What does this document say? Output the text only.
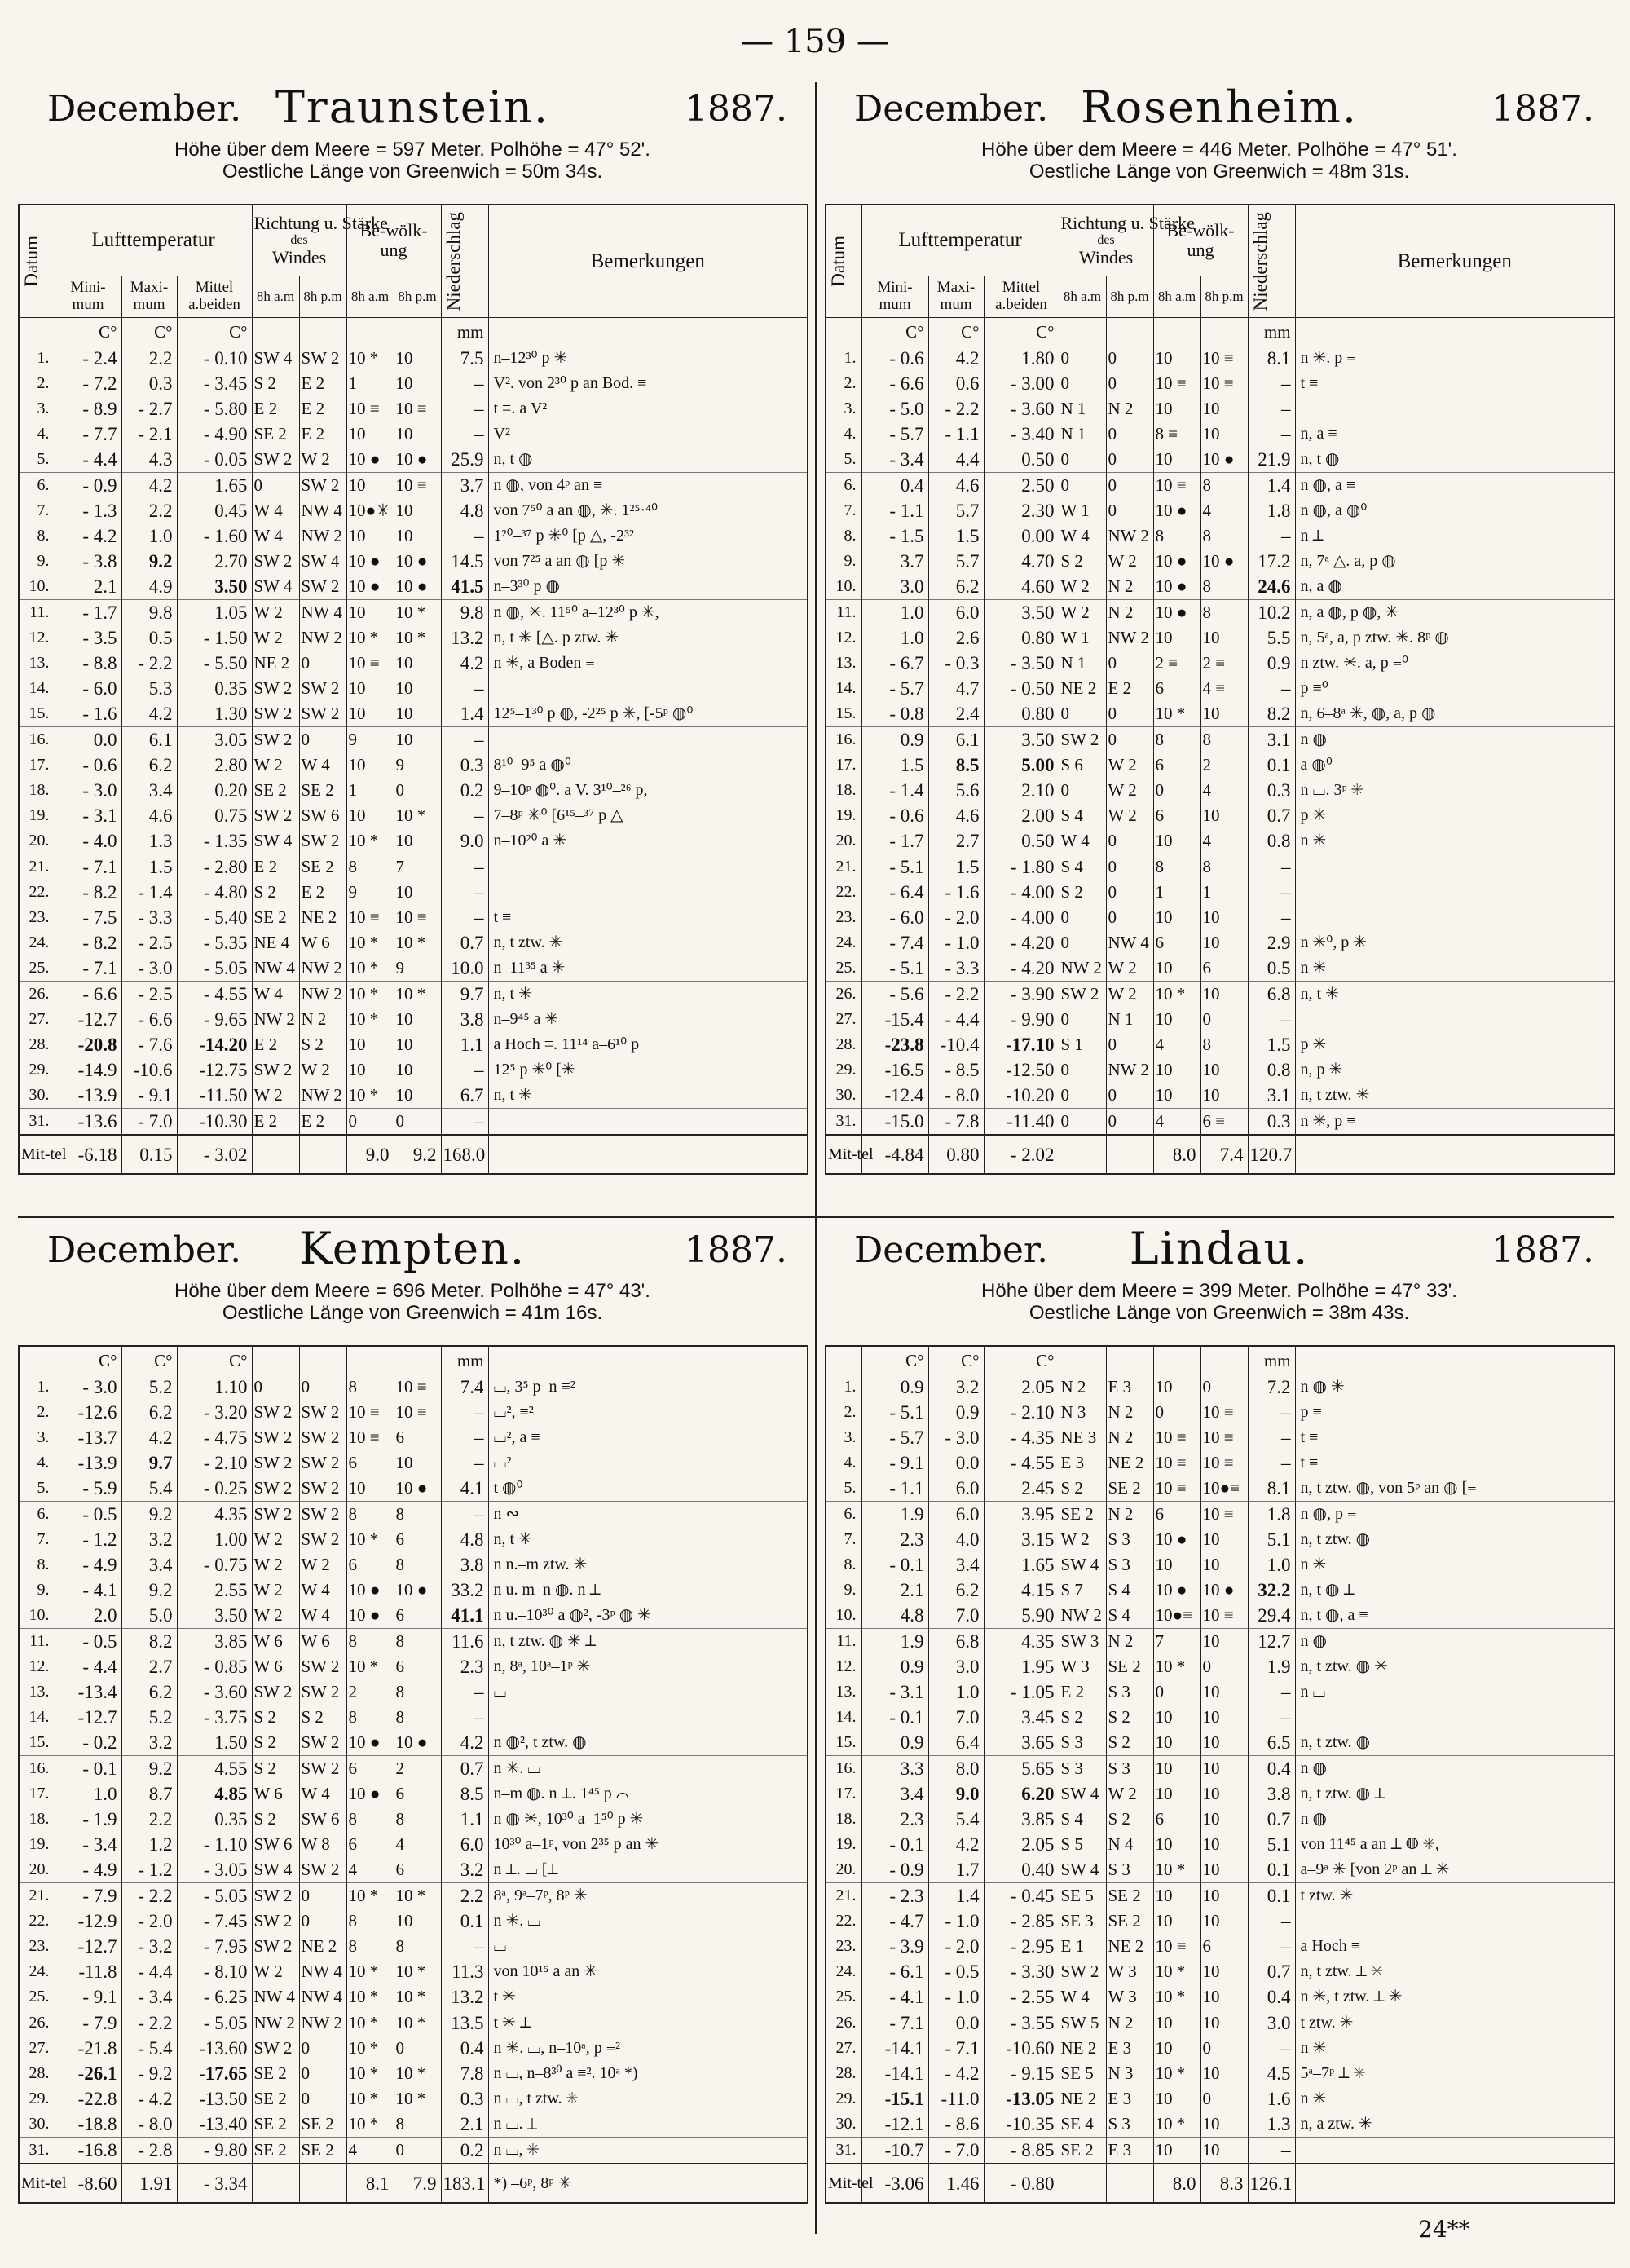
— 159 —
December. Traunstein.	1887.
Höhe über dem Meere = 597 Meter. Polhöhe = 47° 52'.
Oestliche Länge von Greenwich = 50m 34s.
Datum	Lufttemperatur			Richtung u. Stärke
des
Windes		Be-wölk-ung		Niederschlag	Bemerkungen
	Mini-mum	Maxi-mum	Mittel a.beiden	8h a.m	8h p.m	8h a.m	8h p.m		
	C°	C°	C°					mm	
1.	- 2.4	2.2	- 0.10	SW 4	SW 2	10 *	10	7.5	n–12³⁰ p ✳
2.	- 7.2	0.3	- 3.45	S 2	E 2	1	10	–	V². von 2³⁰ p an Bod. ≡
3.	- 8.9	- 2.7	- 5.80	E 2	E 2	10 ≡	10 ≡	–	t ≡. a V²
4.	- 7.7	- 2.1	- 4.90	SE 2	E 2	10	10	–	V²
5.	- 4.4	4.3	- 0.05	SW 2	W 2	10 ●	10 ●	25.9	n, t ◍
6.	- 0.9	4.2	1.65	0	SW 2	10	10 ≡	3.7	n ◍, von 4ᵖ an ≡
7.	- 1.3	2.2	0.45	W 4	NW 4	10●✳	10	4.8	von 7⁵⁰ a an ◍, ✳. 1²⁵·⁴⁰
8.	- 4.2	1.0	- 1.60	W 4	NW 2	10	10	–	1²⁰–³⁷ p ✳⁰ [p △, -2³²
9.	- 3.8	9.2	2.70	SW 2	SW 4	10 ●	10 ●	14.5	von 7²⁵ a an ◍ [p ✳
10.	2.1	4.9	3.50	SW 4	SW 2	10 ●	10 ●	41.5	n–3³⁰ p ◍
11.	- 1.7	9.8	1.05	W 2	NW 4	10	10 *	9.8	n ◍, ✳. 11⁵⁰ a–12³⁰ p ✳,
12.	- 3.5	0.5	- 1.50	W 2	NW 2	10 *	10 *	13.2	n, t ✳ [△. p ztw. ✳
13.	- 8.8	- 2.2	- 5.50	NE 2	0	10 ≡	10	4.2	n ✳, a Boden ≡
14.	- 6.0	5.3	0.35	SW 2	SW 2	10	10	–	
15.	- 1.6	4.2	1.30	SW 2	SW 2	10	10	1.4	12⁵–1³⁰ p ◍, -2²⁵ p ✳, [-5ᵖ ◍⁰
16.	0.0	6.1	3.05	SW 2	0	9	10	–	
17.	- 0.6	6.2	2.80	W 2	W 4	10	9	0.3	8¹⁰–9⁵ a ◍⁰
18.	- 3.0	3.4	0.20	SE 2	SE 2	1	0	0.2	9–10ᵖ ◍⁰. a V. 3¹⁰–²⁶ p,
19.	- 3.1	4.6	0.75	SW 2	SW 6	10	10 *	–	7–8ᵖ ✳⁰ [6¹⁵–³⁷ p △
20.	- 4.0	1.3	- 1.35	SW 4	SW 2	10 *	10	9.0	n–10²⁰ a ✳
21.	- 7.1	1.5	- 2.80	E 2	SE 2	8	7	–	
22.	- 8.2	- 1.4	- 4.80	S 2	E 2	9	10	–	
23.	- 7.5	- 3.3	- 5.40	SE 2	NE 2	10 ≡	10 ≡	–	t ≡
24.	- 8.2	- 2.5	- 5.35	NE 4	W 6	10 *	10 *	0.7	n, t ztw. ✳
25.	- 7.1	- 3.0	- 5.05	NW 4	NW 2	10 *	9	10.0	n–11³⁵ a ✳
26.	- 6.6	- 2.5	- 4.55	W 4	NW 2	10 *	10 *	9.7	n, t ✳
27.	-12.7	- 6.6	- 9.65	NW 2	N 2	10 *	10	3.8	n–9⁴⁵ a ✳
28.	-20.8	- 7.6	-14.20	E 2	S 2	10	10	1.1	a Hoch ≡. 11¹⁴ a–6¹⁰ p
29.	-14.9	-10.6	-12.75	SW 2	W 2	10	10	–	12⁵ p ✳⁰ [✳
30.	-13.9	- 9.1	-11.50	W 2	NW 2	10 *	10	6.7	n, t ✳
31.	-13.6	- 7.0	-10.30	E 2	E 2	0	0	–	
Mit-tel	-6.18	0.15	- 3.02			9.0	9.2	168.0	
December. Rosenheim.	1887.
Höhe über dem Meere = 446 Meter. Polhöhe = 47° 51'.
Oestliche Länge von Greenwich = 48m 31s.
Datum	Lufttemperatur			Richtung u. Stärke
des
Windes		Be-wölk-ung		Niederschlag	Bemerkungen
	Mini-mum	Maxi-mum	Mittel a.beiden	8h a.m	8h p.m	8h a.m	8h p.m		
	C°	C°	C°					mm	
1.	- 0.6	4.2	1.80	0	0	10	10 ≡	8.1	n ✳. p ≡
2.	- 6.6	0.6	- 3.00	0	0	10 ≡	10 ≡	–	t ≡
3.	- 5.0	- 2.2	- 3.60	N 1	N 2	10	10	–	
4.	- 5.7	- 1.1	- 3.40	N 1	0	8 ≡	10	–	n, a ≡
5.	- 3.4	4.4	0.50	0	0	10	10 ●	21.9	n, t ◍
6.	0.4	4.6	2.50	0	0	10 ≡	8	1.4	n ◍, a ≡
7.	- 1.1	5.7	2.30	W 1	0	10 ●	4	1.8	n ◍, a ◍⁰
8.	- 1.5	1.5	0.00	W 4	NW 2	8	8	–	n ⟂
9.	3.7	5.7	4.70	S 2	W 2	10 ●	10 ●	17.2	n, 7ᵃ △. a, p ◍
10.	3.0	6.2	4.60	W 2	N 2	10 ●	8	24.6	n, a ◍
11.	1.0	6.0	3.50	W 2	N 2	10 ●	8	10.2	n, a ◍, p ◍, ✳
12.	1.0	2.6	0.80	W 1	NW 2	10	10	5.5	n, 5ᵃ, a, p ztw. ✳. 8ᵖ ◍
13.	- 6.7	- 0.3	- 3.50	N 1	0	2 ≡	2 ≡	0.9	n ztw. ✳. a, p ≡⁰
14.	- 5.7	4.7	- 0.50	NE 2	E 2	6	4 ≡	–	p ≡⁰
15.	- 0.8	2.4	0.80	0	0	10 *	10	8.2	n, 6–8ᵃ ✳, ◍, a, p ◍
16.	0.9	6.1	3.50	SW 2	0	8	8	3.1	n ◍
17.	1.5	8.5	5.00	S 6	W 2	6	2	0.1	a ◍⁰
18.	- 1.4	5.6	2.10	0	W 2	0	4	0.3	n ⌴. 3ᵖ ✳
19.	- 0.6	4.6	2.00	S 4	W 2	6	10	0.7	p ✳
20.	- 1.7	2.7	0.50	W 4	0	10	4	0.8	n ✳
21.	- 5.1	1.5	- 1.80	S 4	0	8	8	–	
22.	- 6.4	- 1.6	- 4.00	S 2	0	1	1	–	
23.	- 6.0	- 2.0	- 4.00	0	0	10	10	–	
24.	- 7.4	- 1.0	- 4.20	0	NW 4	6	10	2.9	n ✳⁰, p ✳
25.	- 5.1	- 3.3	- 4.20	NW 2	W 2	10	6	0.5	n ✳
26.	- 5.6	- 2.2	- 3.90	SW 2	W 2	10 *	10	6.8	n, t ✳
27.	-15.4	- 4.4	- 9.90	0	N 1	10	0	–	
28.	-23.8	-10.4	-17.10	S 1	0	4	8	1.5	p ✳
29.	-16.5	- 8.5	-12.50	0	NW 2	10	10	0.8	n, p ✳
30.	-12.4	- 8.0	-10.20	0	0	10	10	3.1	n, t ztw. ✳
31.	-15.0	- 7.8	-11.40	0	0	4	6 ≡	0.3	n ✳, p ≡
Mit-tel	-4.84	0.80	- 2.02			8.0	7.4	120.7	
December.	Kempten.	1887.
Höhe über dem Meere = 696 Meter. Polhöhe = 47° 43'.
Oestliche Länge von Greenwich = 41m 16s.
	C°	C°	C°					mm	
1.	- 3.0	5.2	1.10	0	0	8	10 ≡	7.4	⌴, 3⁵ p–n ≡²
2.	-12.6	6.2	- 3.20	SW 2	SW 2	10 ≡	10 ≡	–	⌴², ≡²
3.	-13.7	4.2	- 4.75	SW 2	SW 2	10 ≡	6	–	⌴², a ≡
4.	-13.9	9.7	- 2.10	SW 2	SW 2	6	10	–	⌴²
5.	- 5.9	5.4	- 0.25	SW 2	SW 2	10	10 ●	4.1	t ◍⁰
6.	- 0.5	9.2	4.35	SW 2	SW 2	8	8	–	n ∾
7.	- 1.2	3.2	1.00	W 2	SW 2	10 *	6	4.8	n, t ✳
8.	- 4.9	3.4	- 0.75	W 2	W 2	6	8	3.8	n n.–m ztw. ✳
9.	- 4.1	9.2	2.55	W 2	W 4	10 ●	10 ●	33.2	n u. m–n ◍. n ⟂
10.	2.0	5.0	3.50	W 2	W 4	10 ●	6	41.1	n u.–10³⁰ a ◍², -3ᵖ ◍ ✳
11.	- 0.5	8.2	3.85	W 6	W 6	8	8	11.6	n, t ztw. ◍ ✳ ⟂
12.	- 4.4	2.7	- 0.85	W 6	SW 2	10 *	6	2.3	n, 8ᵃ, 10ᵃ–1ᵖ ✳
13.	-13.4	6.2	- 3.60	SW 2	SW 2	2	8	–	⌴
14.	-12.7	5.2	- 3.75	S 2	S 2	8	8	–	
15.	- 0.2	3.2	1.50	S 2	SW 2	10 ●	10 ●	4.2	n ◍², t ztw. ◍
16.	- 0.1	9.2	4.55	S 2	SW 2	6	2	0.7	n ✳. ⌴
17.	1.0	8.7	4.85	W 6	W 4	10 ●	6	8.5	n–m ◍. n ⟂. 1⁴⁵ p ⌒
18.	- 1.9	2.2	0.35	S 2	SW 6	8	8	1.1	n ◍ ✳, 10³⁰ a–1⁵⁰ p ✳
19.	- 3.4	1.2	- 1.10	SW 6	W 8	6	4	6.0	10³⁰ a–1ᵖ, von 2³⁵ p an ✳
20.	- 4.9	- 1.2	- 3.05	SW 4	SW 2	4	6	3.2	n ⟂. ⌴ [⟂
21.	- 7.9	- 2.2	- 5.05	SW 2	0	10 *	10 *	2.2	8ᵃ, 9ᵃ–7ᵖ, 8ᵖ ✳
22.	-12.9	- 2.0	- 7.45	SW 2	0	8	10	0.1	n ✳. ⌴
23.	-12.7	- 3.2	- 7.95	SW 2	NE 2	8	8	–	⌴
24.	-11.8	- 4.4	- 8.10	W 2	NW 4	10 *	10 *	11.3	von 10¹⁵ a an ✳
25.	- 9.1	- 3.4	- 6.25	NW 4	NW 4	10 *	10 *	13.2	t ✳
26.	- 7.9	- 2.2	- 5.05	NW 2	NW 2	10 *	10 *	13.5	t ✳ ⟂
27.	-21.8	- 5.4	-13.60	SW 2	0	10 *	0	0.4	n ✳. ⌴, n–10ᵃ, p ≡²
28.	-26.1	- 9.2	-17.65	SE 2	0	10 *	10 *	7.8	n ⌴, n–8³⁰ a ≡². 10ᵃ *)
29.	-22.8	- 4.2	-13.50	SE 2	0	10 *	10 *	0.3	n ⌴, t ztw. ✳
30.	-18.8	- 8.0	-13.40	SE 2	SE 2	10 *	8	2.1	n ⌴. ⟂
31.	-16.8	- 2.8	- 9.80	SE 2	SE 2	4	0	0.2	n ⌴, ✳
Mit-tel	-8.60	1.91	- 3.34			8.1	7.9	183.1	*) –6ᵖ, 8ᵖ ✳
December.	Lindau.	1887.
Höhe über dem Meere = 399 Meter. Polhöhe = 47° 33'.
Oestliche Länge von Greenwich = 38m 43s.
	C°	C°	C°					mm	
1.	0.9	3.2	2.05	N 2	E 3	10	0	7.2	n ◍ ✳
2.	- 5.1	0.9	- 2.10	N 3	N 2	0	10 ≡	–	p ≡
3.	- 5.7	- 3.0	- 4.35	NE 3	N 2	10 ≡	10 ≡	–	t ≡
4.	- 9.1	0.0	- 4.55	E 3	NE 2	10 ≡	10 ≡	–	t ≡
5.	- 1.1	6.0	2.45	S 2	SE 2	10 ≡	10●≡	8.1	n, t ztw. ◍, von 5ᵖ an ◍ [≡
6.	1.9	6.0	3.95	SE 2	N 2	6	10 ≡	1.8	n ◍, p ≡
7.	2.3	4.0	3.15	W 2	S 3	10 ●	10	5.1	n, t ztw. ◍
8.	- 0.1	3.4	1.65	SW 4	S 3	10	10	1.0	n ✳
9.	2.1	6.2	4.15	S 7	S 4	10 ●	10 ●	32.2	n, t ◍ ⟂
10.	4.8	7.0	5.90	NW 2	S 4	10●≡	10 ≡	29.4	n, t ◍, a ≡
11.	1.9	6.8	4.35	SW 3	N 2	7	10	12.7	n ◍
12.	0.9	3.0	1.95	W 3	SE 2	10 *	0	1.9	n, t ztw. ◍ ✳
13.	- 3.1	1.0	- 1.05	E 2	S 3	0	10	–	n ⌴
14.	- 0.1	7.0	3.45	S 2	S 2	10	10	–	
15.	0.9	6.4	3.65	S 3	S 2	10	10	6.5	n, t ztw. ◍
16.	3.3	8.0	5.65	S 3	S 3	10	10	0.4	n ◍
17.	3.4	9.0	6.20	SW 4	W 2	10	10	3.8	n, t ztw. ◍ ⟂
18.	2.3	5.4	3.85	S 4	S 2	6	10	0.7	n ◍
19.	- 0.1	4.2	2.05	S 5	N 4	10	10	5.1	von 11⁴⁵ a an ⟂ ◍ ✳,
20.	- 0.9	1.7	0.40	SW 4	S 3	10 *	10	0.1	a–9ᵃ ✳ [von 2ᵖ an ⟂ ✳
21.	- 2.3	1.4	- 0.45	SE 5	SE 2	10	10	0.1	t ztw. ✳
22.	- 4.7	- 1.0	- 2.85	SE 3	SE 2	10	10	–	
23.	- 3.9	- 2.0	- 2.95	E 1	NE 2	10 ≡	6	–	a Hoch ≡
24.	- 6.1	- 0.5	- 3.30	SW 2	W 3	10 *	10	0.7	n, t ztw. ⟂ ✳
25.	- 4.1	- 1.0	- 2.55	W 4	W 3	10 *	10	0.4	n ✳, t ztw. ⟂ ✳
26.	- 7.1	0.0	- 3.55	SW 5	N 2	10	10	3.0	t ztw. ✳
27.	-14.1	- 7.1	-10.60	NE 2	E 3	10	0	–	n ✳
28.	-14.1	- 4.2	- 9.15	SE 5	N 3	10 *	10	4.5	5ᵃ–7ᵖ ⟂ ✳
29.	-15.1	-11.0	-13.05	NE 2	E 3	10	0	1.6	n ✳
30.	-12.1	- 8.6	-10.35	SE 4	S 3	10 *	10	1.3	n, a ztw. ✳
31.	-10.7	- 7.0	- 8.85	SE 2	E 3	10	10	–	
Mit-tel	-3.06	1.46	- 0.80			8.0	8.3	126.1	
24**
